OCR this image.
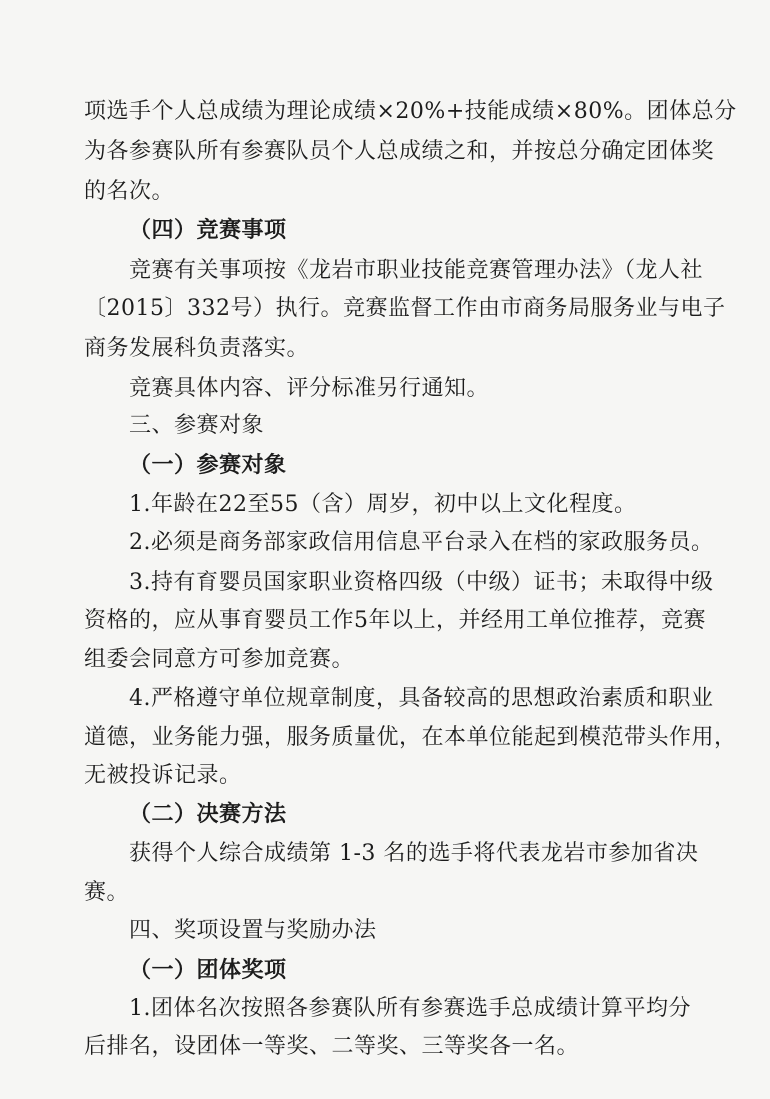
项选手个人总成绩为理论成绩×20%+技能成绩×80%。团体总分
为各参赛队所有参赛队员个人总成绩之和，并按总分确定团体奖
的名次。
（四）竞赛事项
竞赛有关事项按《龙岩市职业技能竞赛管理办法》（龙人社
〔2015〕332号）执行。竞赛监督工作由市商务局服务业与电子
商务发展科负责落实。
竞赛具体内容、评分标准另行通知。
三、参赛对象
（一）参赛对象
1.年龄在22至55（含）周岁，初中以上文化程度。
2.必须是商务部家政信用信息平台录入在档的家政服务员。
3.持有育婴员国家职业资格四级（中级）证书；未取得中级
资格的，应从事育婴员工作5年以上，并经用工单位推荐，竞赛
组委会同意方可参加竞赛。
4.严格遵守单位规章制度，具备较高的思想政治素质和职业
道德，业务能力强，服务质量优，在本单位能起到模范带头作用，
无被投诉记录。
（二）决赛方法
获得个人综合成绩第 1-3 名的选手将代表龙岩市参加省决
赛。
四、奖项设置与奖励办法
（一）团体奖项
1.团体名次按照各参赛队所有参赛选手总成绩计算平均分
后排名，设团体一等奖、二等奖、三等奖各一名。
